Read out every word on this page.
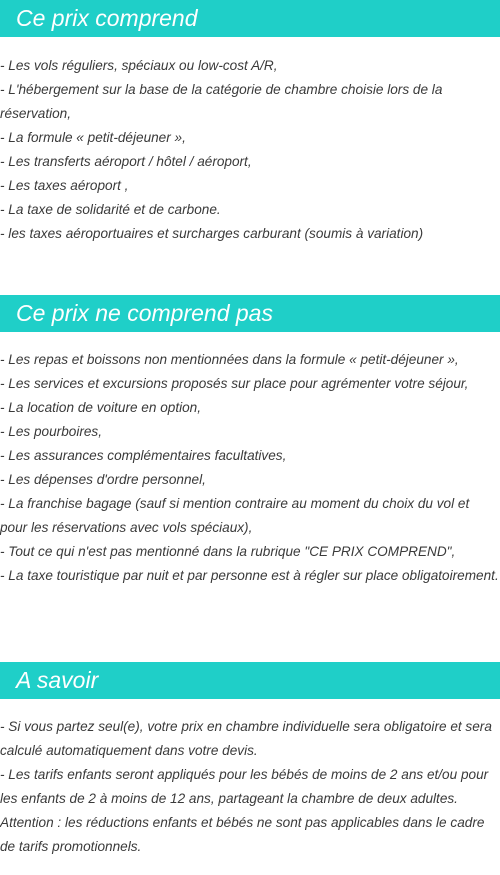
Ce prix comprend
- Les vols réguliers, spéciaux ou low-cost A/R,
- L'hébergement sur la base de la catégorie de chambre choisie lors de la réservation,
- La formule « petit-déjeuner »,
- Les transferts aéroport / hôtel / aéroport,
- Les taxes aéroport ,
- La taxe de solidarité et de carbone.
- les taxes aéroportuaires et surcharges carburant (soumis à variation)
Ce prix ne comprend pas
- Les repas et boissons non mentionnées dans la formule « petit-déjeuner »,
- Les services et excursions proposés sur place pour agrémenter votre séjour,
- La location de voiture en option,
- Les pourboires,
- Les assurances complémentaires facultatives,
- Les dépenses d'ordre personnel,
- La franchise bagage (sauf si mention contraire au moment du choix du vol et pour les réservations avec vols spéciaux),
- Tout ce qui n'est pas mentionné dans la rubrique "CE PRIX COMPREND",
- La taxe touristique par nuit et par personne est à régler sur place obligatoirement.
A savoir
- Si vous partez seul(e), votre prix en chambre individuelle sera obligatoire et sera calculé automatiquement dans votre devis.
- Les tarifs enfants seront appliqués pour les bébés de moins de 2 ans et/ou pour les enfants de 2 à moins de 12 ans, partageant la chambre de deux adultes.
Attention : les réductions enfants et bébés ne sont pas applicables dans le cadre de tarifs promotionnels.
